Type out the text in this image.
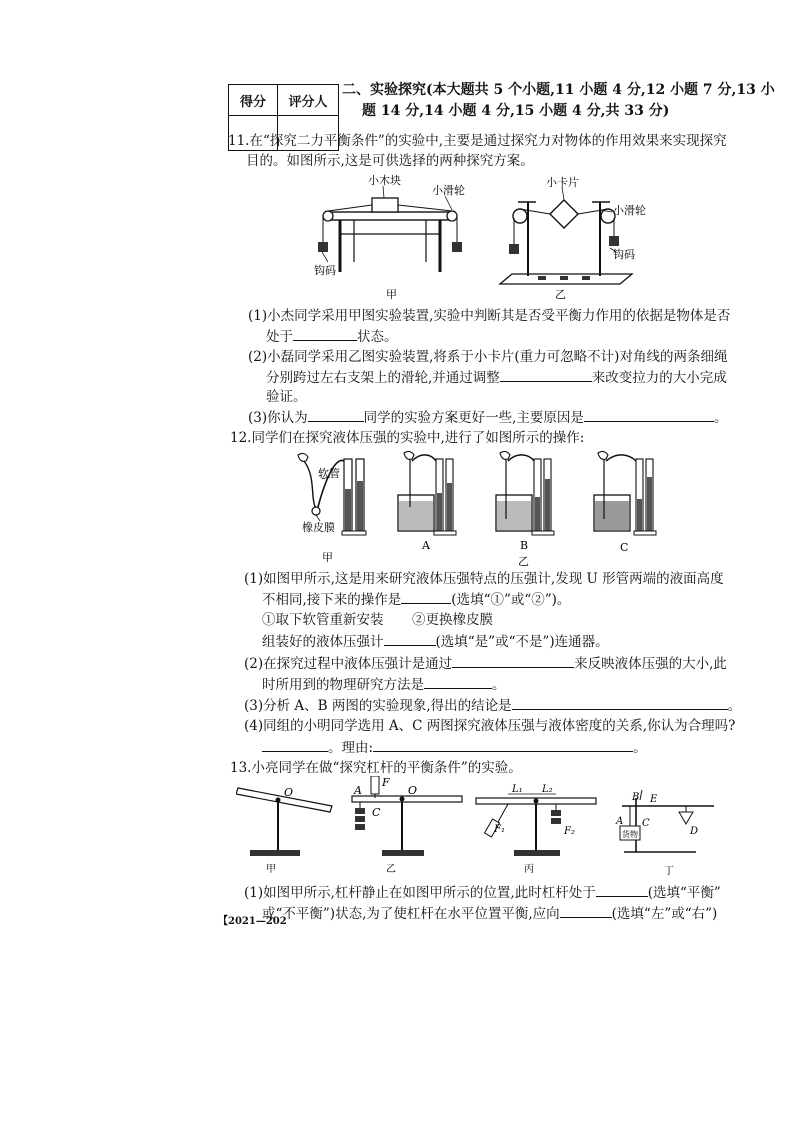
得分	评分人

二、实验探究(本大题共 5 个小题,11 小题 4 分,12 小题 7 分,13 小
题 14 分,14 小题 4 分,15 小题 4 分,共 33 分)
11.在“探究二力平衡条件”的实验中,主要是通过探究力对物体的作用效果来实现探究
目的。如图所示,这是可供选择的两种探究方案。
小木块
小滑轮
钩码
甲
小卡片
小滑轮
钩码
乙
(1)小杰同学采用甲图实验装置,实验中判断其是否受平衡力作用的依据是物体是否
处于	状态。
(2)小磊同学采用乙图实验装置,将系于小卡片(重力可忽略不计)对角线的两条细绳
分别跨过左右支架上的滑轮,并通过调整	来改变拉力的大小完成
验证。
(3)你认为	同学的实验方案更好一些,主要原因是	。
12.同学们在探究液体压强的实验中,进行了如图所示的操作:
软管
橡皮膜
甲
A	B	C
乙
(1)如图甲所示,这是用来研究液体压强特点的压强计,发现 U 形管两端的液面高度
不相同,接下来的操作是	(选填“①”或“②”)。
①取下软管重新安装 ②更换橡皮膜
组装好的液体压强计	(选填“是”或“不是”)连通器。
(2)在探究过程中液体压强计是通过	来反映液体压强的大小,此
时所用到的物理研究方法是	。
(3)分析 A、B 两图的实验现象,得出的结论是	。
(4)同组的小明同学选用 A、C 两图探究液体压强与液体密度的关系,你认为合理吗?
。理由:	。
13.小亮同学在做“探究杠杆的平衡条件”的实验。
O
甲
A
F
C
O
乙
L₁ L₂
F₁	F₂
丙
B E
A C
D
货物
丁
(1)如图甲所示,杠杆静止在如图甲所示的位置,此时杠杆处于	(选填“平衡”
或“不平衡”)状态,为了使杠杆在水平位置平衡,应向	(选填“左”或“右”)
【2021—202
